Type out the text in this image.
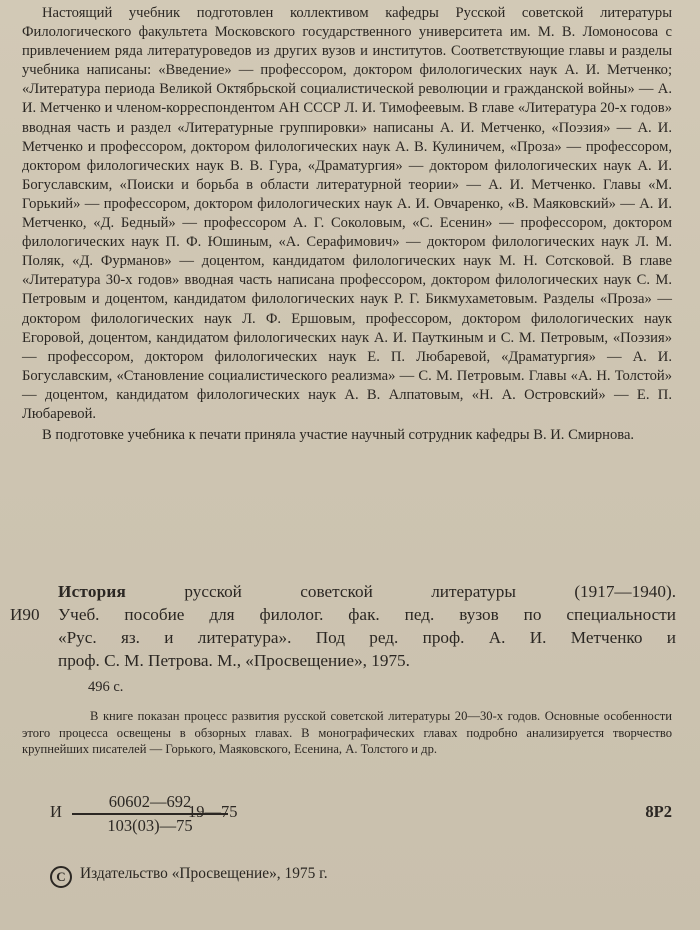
Настоящий учебник подготовлен коллективом кафедры Русской советской литературы Филологического факультета Московского государственного университета им. М. В. Ломоносова с привлечением ряда литературоведов из других вузов и институтов. Соответствующие главы и разделы учебника написаны: «Введение» — профессором, доктором филологических наук А. И. Метченко; «Литература периода Великой Октябрьской социалистической революции и гражданской войны» — А. И. Метченко и членом-корреспондентом АН СССР Л. И. Тимофеевым. В главе «Литература 20-х годов» вводная часть и раздел «Литературные группировки» написаны А. И. Метченко, «Поэзия» — А. И. Метченко и профессором, доктором филологических наук А. В. Кулиничем, «Проза» — профессором, доктором филологических наук В. В. Гура, «Драматургия» — доктором филологических наук А. И. Богуславским, «Поиски и борьба в области литературной теории» — А. И. Метченко. Главы «М. Горький» — профессором, доктором филологических наук А. И. Овчаренко, «В. Маяковский» — А. И. Метченко, «Д. Бедный» — профессором А. Г. Соколовым, «С. Есенин» — профессором, доктором филологических наук П. Ф. Юшиным, «А. Серафимович» — доктором филологических наук Л. М. Поляк, «Д. Фурманов» — доцентом, кандидатом филологических наук М. Н. Сотсковой. В главе «Литература 30-х годов» вводная часть написана профессором, доктором филологических наук С. М. Петровым и доцентом, кандидатом филологических наук Р. Г. Бикмухаметовым. Разделы «Проза» — доктором филологических наук Л. Ф. Ершовым, профессором, доктором филологических наук Егоровой, доцентом, кандидатом филологических наук А. И. Пауткиным и С. М. Петровым, «Поэзия» — профессором, доктором филологических наук Е. П. Любаревой, «Драматургия» — А. И. Богуславским, «Становление социалистического реализма» — С. М. Петровым. Главы «А. Н. Толстой» — доцентом, кандидатом филологических наук А. В. Алпатовым, «Н. А. Островский» — Е. П. Любаревой.

В подготовке учебника к печати приняла участие научный сотрудник кафедры В. И. Смирнова.

История	русской советской литературы (1917—1940).
И90	Учеб. пособие для филолог. фак. пед. вузов по специальности
«Рус. яз. и литература». Под ред. проф. А. И. Метченко и
проф. С. М. Петрова. М., «Просвещение», 1975.
496 с.
В книге показан процесс развития русской советской литературы 20—30-х годов. Основные особенности этого процесса освещены в обзорных главах. В монографических главах подробно анализируется творчество крупнейших писателей — Горького, Маяковского, Есенина, А. Толстого и др.
И
60602—692
103(03)—75
19—75	8Р2
C Издательство «Просвещение», 1975 г.
